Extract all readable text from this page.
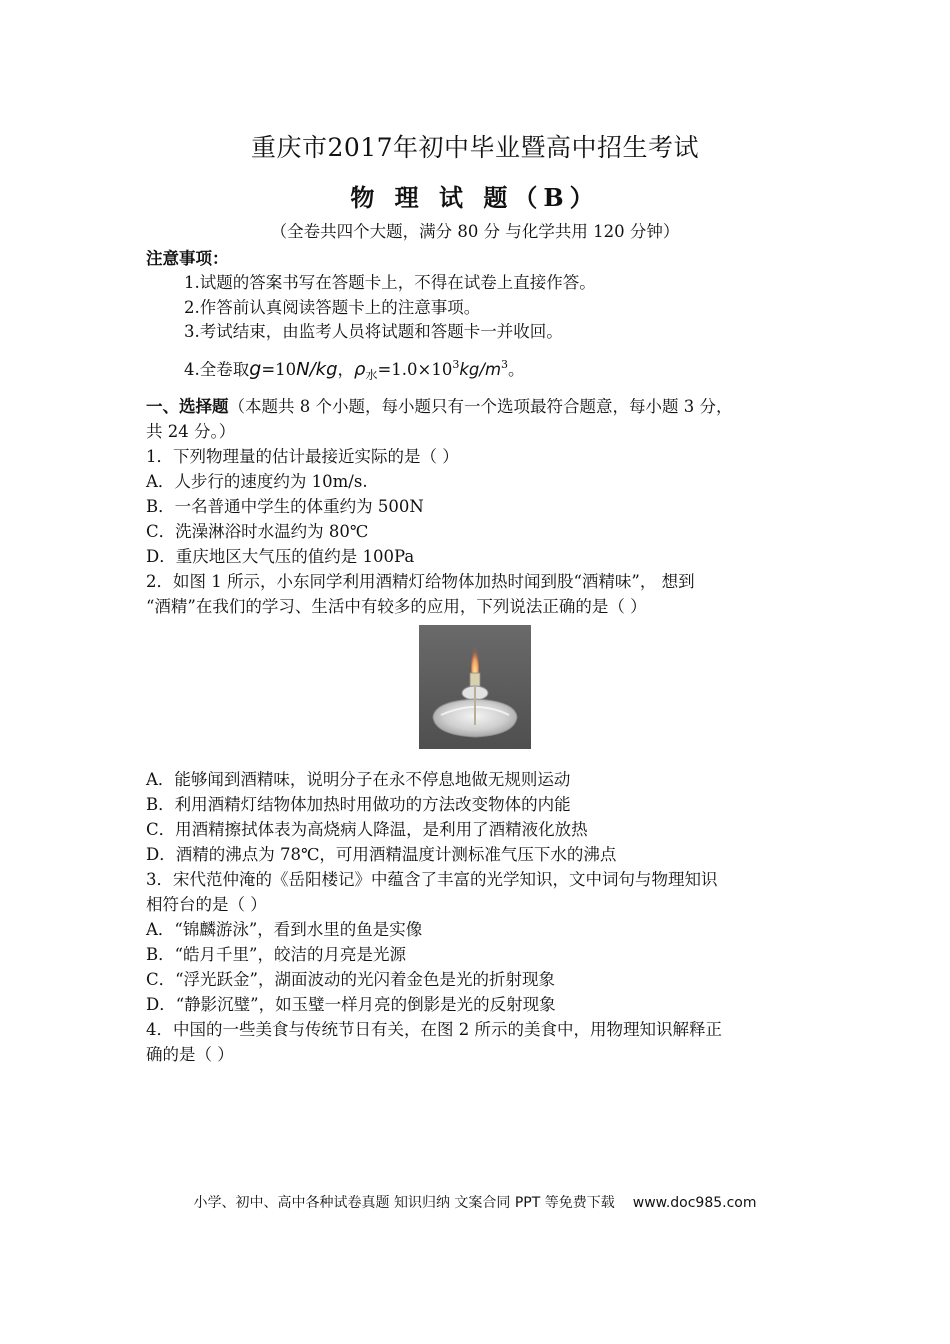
重庆市2017年初中毕业暨高中招生考试
物 理 试 题（B）
（全卷共四个大题，满分 80 分 与化学共用 120 分钟）
注意事项：
1.试题的答案书写在答题卡上，不得在试卷上直接作答。
2.作答前认真阅读答题卡上的注意事项。
3.考试结束，由监考人员将试题和答题卡一并收回。
4.全卷取g=10N/kg，$\rho_水=1.0\times 10^3kg/m^3$。
一、选择题（本题共 8 个小题，每小题只有一个选项最符合题意，每小题 3 分，
共 24 分。）
1．下列物理量的估计最接近实际的是（ ）
A．人步行的速度约为 10m/s.
B．一名普通中学生的体重约为 500N
C．洗澡淋浴时水温约为 80℃
D．重庆地区大气压的值约是 100Pa
2．如图 1 所示，小东同学利用酒精灯给物体加热时闻到股“酒精味”， 想到
“酒精”在我们的学习、生活中有较多的应用，下列说法正确的是（ ）
A．能够闻到酒精味，说明分子在永不停息地做无规则运动
B．利用酒精灯结物体加热时用做功的方法改变物体的内能
C．用酒精擦拭体表为高烧病人降温，是利用了酒精液化放热
D．酒精的沸点为 78℃，可用酒精温度计测标准气压下水的沸点
3．宋代范仲淹的《岳阳楼记》中蕴含了丰富的光学知识，文中词句与物理知识
相符台的是（ ）
A．“锦麟游泳”，看到水里的鱼是实像
B．“皓月千里”，皎洁的月亮是光源
C．“浮光跃金”，湖面波动的光闪着金色是光的折射现象
D．“静影沉璧”，如玉璧一样月亮的倒影是光的反射现象
4．中国的一些美食与传统节日有关，在图 2 所示的美食中，用物理知识解释正
确的是（ ）
小学、初中、高中各种试卷真题 知识归纳 文案合同 PPT 等免费下载 www.doc985.com
